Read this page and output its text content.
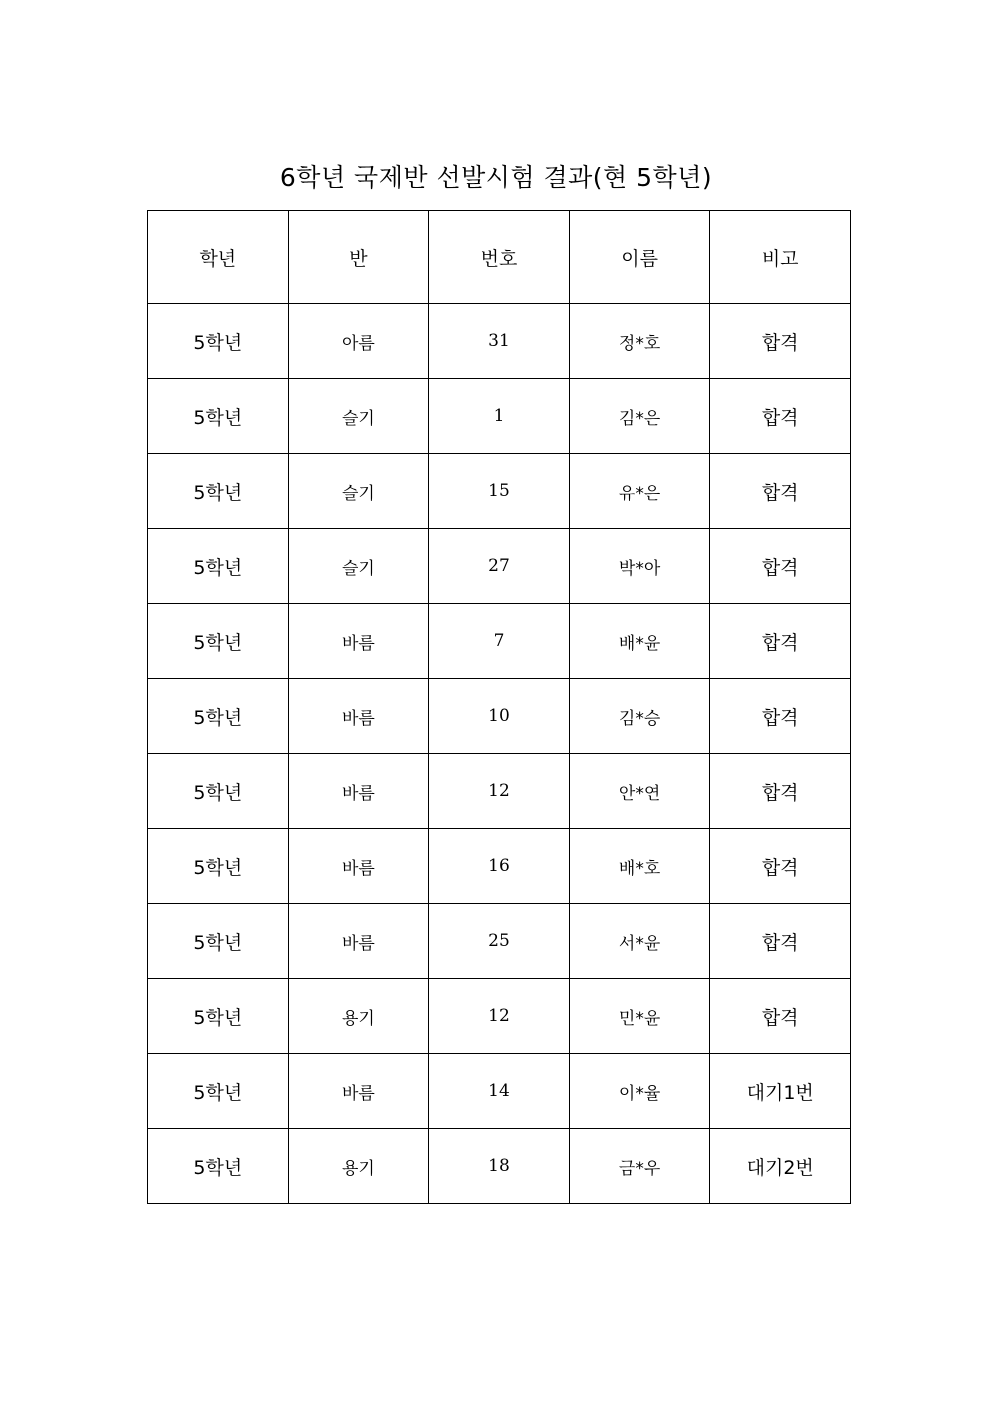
6학년 국제반 선발시험 결과(현 5학년)
학년	반	번호	이름	비고
5학년	아름	31	정*호	합격
5학년	슬기	1	김*은	합격
5학년	슬기	15	유*은	합격
5학년	슬기	27	박*아	합격
5학년	바름	7	배*윤	합격
5학년	바름	10	김*승	합격
5학년	바름	12	안*연	합격
5학년	바름	16	배*호	합격
5학년	바름	25	서*윤	합격
5학년	용기	12	민*윤	합격
5학년	바름	14	이*율	대기1번
5학년	용기	18	금*우	대기2번
